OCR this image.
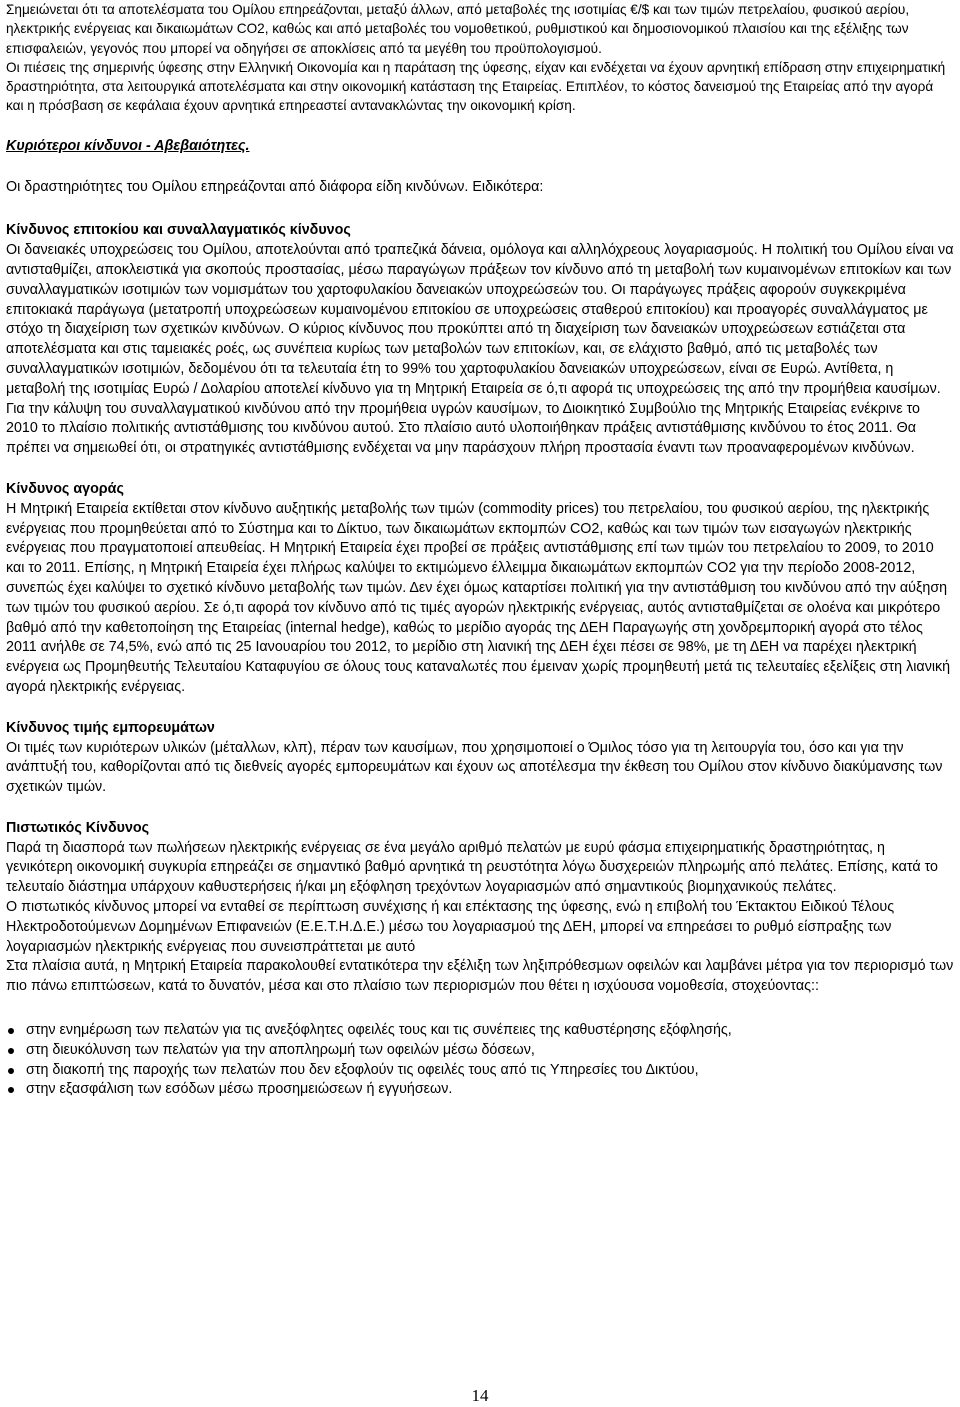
Σημειώνεται ότι τα αποτελέσματα του Ομίλου επηρεάζονται, μεταξύ άλλων, από μεταβολές της ισοτιμίας €/$ και των τιμών πετρελαίου, φυσικού αερίου, ηλεκτρικής ενέργειας και δικαιωμάτων CO2, καθώς και από μεταβολές του νομοθετικού, ρυθμιστικού και δημοσιονομικού πλαισίου και της εξέλιξης των επισφαλειών, γεγονός που μπορεί να οδηγήσει σε αποκλίσεις από τα μεγέθη του προϋπολογισμού.

Οι πιέσεις της σημερινής ύφεσης στην Ελληνική Οικονομία και η παράταση της ύφεσης, είχαν και ενδέχεται να έχουν αρνητική επίδραση στην επιχειρηματική δραστηριότητα, στα λειτουργικά αποτελέσματα και στην οικονομική κατάσταση της Εταιρείας. Επιπλέον, το κόστος δανεισμού της Εταιρείας από την αγορά και η πρόσβαση σε κεφάλαια έχουν αρνητικά επηρεαστεί αντανακλώντας την οικονομική κρίση.

Κυριότεροι κίνδυνοι - Αβεβαιότητες.

Οι δραστηριότητες του Ομίλου επηρεάζονται από διάφορα είδη κινδύνων. Ειδικότερα:

Κίνδυνος επιτοκίου και συναλλαγματικός κίνδυνος

Οι δανειακές υποχρεώσεις του Ομίλου, αποτελούνται από τραπεζικά δάνεια, ομόλογα και αλληλόχρεους λογαριασμούς. Η πολιτική του Ομίλου είναι να αντισταθμίζει, αποκλειστικά για σκοπούς προστασίας, μέσω παραγώγων πράξεων τον κίνδυνο από τη μεταβολή των κυμαινομένων επιτοκίων και των συναλλαγματικών ισοτιμιών των νομισμάτων του χαρτοφυλακίου δανειακών υποχρεώσεών του. Οι παράγωγες πράξεις αφορούν συγκεκριμένα επιτοκιακά παράγωγα (μετατροπή υποχρεώσεων κυμαινομένου επιτοκίου σε υποχρεώσεις σταθερού επιτοκίου) και προαγορές συναλλάγματος με στόχο τη διαχείριση των σχετικών κινδύνων. Ο κύριος κίνδυνος που προκύπτει από τη διαχείριση των δανειακών υποχρεώσεων εστιάζεται στα αποτελέσματα και στις ταμειακές ροές, ως συνέπεια κυρίως των μεταβολών των επιτοκίων, και, σε ελάχιστο βαθμό, από τις μεταβολές των συναλλαγματικών ισοτιμιών, δεδομένου ότι τα τελευταία έτη το 99% του χαρτοφυλακίου δανειακών υποχρεώσεων, είναι σε Ευρώ. Αντίθετα, η μεταβολή της ισοτιμίας Ευρώ / Δολαρίου αποτελεί κίνδυνο για τη Μητρική Εταιρεία σε ό,τι αφορά τις υποχρεώσεις της από την προμήθεια καυσίμων. Για την κάλυψη του συναλλαγματικού κινδύνου από την προμήθεια υγρών καυσίμων, το Διοικητικό Συμβούλιο της Μητρικής Εταιρείας ενέκρινε το 2010 το πλαίσιο πολιτικής αντιστάθμισης του κινδύνου αυτού. Στο πλαίσιο αυτό υλοποιήθηκαν πράξεις αντιστάθμισης κινδύνου το έτος 2011. Θα πρέπει να σημειωθεί ότι, οι στρατηγικές αντιστάθμισης ενδέχεται να μην παράσχουν πλήρη προστασία έναντι των προαναφερομένων κινδύνων.

Κίνδυνος αγοράς

Η Μητρική Εταιρεία εκτίθεται στον κίνδυνο αυξητικής μεταβολής των τιμών (commodity prices) του πετρελαίου, του φυσικού αερίου, της ηλεκτρικής ενέργειας που προμηθεύεται από το Σύστημα και το Δίκτυο, των δικαιωμάτων εκπομπών CO2, καθώς και των τιμών των εισαγωγών ηλεκτρικής ενέργειας που πραγματοποιεί απευθείας. Η Μητρική Εταιρεία έχει προβεί σε πράξεις αντιστάθμισης επί των τιμών του πετρελαίου το 2009, το 2010 και το 2011. Επίσης, η Μητρική Εταιρεία έχει πλήρως καλύψει το εκτιμώμενο έλλειμμα δικαιωμάτων εκπομπών CO2 για την περίοδο 2008-2012, συνεπώς έχει καλύψει το σχετικό κίνδυνο μεταβολής των τιμών. Δεν έχει όμως καταρτίσει πολιτική για την αντιστάθμιση του κινδύνου από την αύξηση των τιμών του φυσικού αερίου. Σε ό,τι αφορά τον κίνδυνο από τις τιμές αγορών ηλεκτρικής ενέργειας, αυτός αντισταθμίζεται σε ολοένα και μικρότερο βαθμό από την καθετοποίηση της Εταιρείας (internal hedge), καθώς το μερίδιο αγοράς της ΔΕΗ Παραγωγής στη χονδρεμπορική αγορά στο τέλος 2011 ανήλθε σε 74,5%, ενώ από τις 25 Ιανουαρίου του 2012, το μερίδιο στη λιανική της ΔΕΗ έχει πέσει σε 98%, με τη ΔΕΗ να παρέχει ηλεκτρική ενέργεια ως Προμηθευτής Τελευταίου Καταφυγίου σε όλους τους καταναλωτές που έμειναν χωρίς προμηθευτή μετά τις τελευταίες εξελίξεις στη λιανική αγορά ηλεκτρικής ενέργειας.

Κίνδυνος τιμής εμπορευμάτων

Οι τιμές των κυριότερων υλικών (μέταλλων, κλπ), πέραν των καυσίμων, που χρησιμοποιεί ο Όμιλος τόσο για τη λειτουργία του, όσο και για την ανάπτυξή του, καθορίζονται από τις διεθνείς αγορές εμπορευμάτων και έχουν ως αποτέλεσμα την έκθεση του Ομίλου στον κίνδυνο διακύμανσης των σχετικών τιμών.

Πιστωτικός Κίνδυνος

Παρά τη διασπορά των πωλήσεων ηλεκτρικής ενέργειας σε ένα μεγάλο αριθμό πελατών με ευρύ φάσμα επιχειρηματικής δραστηριότητας, η γενικότερη οικονομική συγκυρία επηρεάζει σε σημαντικό βαθμό αρνητικά τη ρευστότητα λόγω δυσχερειών πληρωμής από πελάτες. Επίσης, κατά το τελευταίο διάστημα υπάρχουν καθυστερήσεις ή/και μη εξόφληση τρεχόντων λογαριασμών από σημαντικούς βιομηχανικούς πελάτες.

Ο πιστωτικός κίνδυνος μπορεί να ενταθεί σε περίπτωση συνέχισης ή και επέκτασης της ύφεσης, ενώ η επιβολή του Έκτακτου Ειδικού Τέλους Ηλεκτροδοτούμενων Δομημένων Επιφανειών (Ε.Ε.Τ.Η.Δ.Ε.) μέσω του λογαριασμού της ΔΕΗ, μπορεί να επηρεάσει το ρυθμό είσπραξης των λογαριασμών ηλεκτρικής ενέργειας που συνεισπράττεται με αυτό

Στα πλαίσια αυτά, η Μητρική Εταιρεία παρακολουθεί εντατικότερα την εξέλιξη των ληξιπρόθεσμων οφειλών και λαμβάνει μέτρα για τον περιορισμό των πιο πάνω επιπτώσεων, κατά το δυνατόν, μέσα και στο πλαίσιο των περιορισμών που θέτει η ισχύουσα νομοθεσία, στοχεύοντας::

στην ενημέρωση των πελατών για τις ανεξόφλητες οφειλές τους και τις συνέπειες της καθυστέρησης εξόφλησής,
στη διευκόλυνση των πελατών για την αποπληρωμή των οφειλών μέσω δόσεων,
στη διακοπή της παροχής των πελατών που δεν εξοφλούν τις οφειλές τους από τις Υπηρεσίες του Δικτύου,
στην εξασφάλιση των εσόδων μέσω προσημειώσεων ή εγγυήσεων.
14
